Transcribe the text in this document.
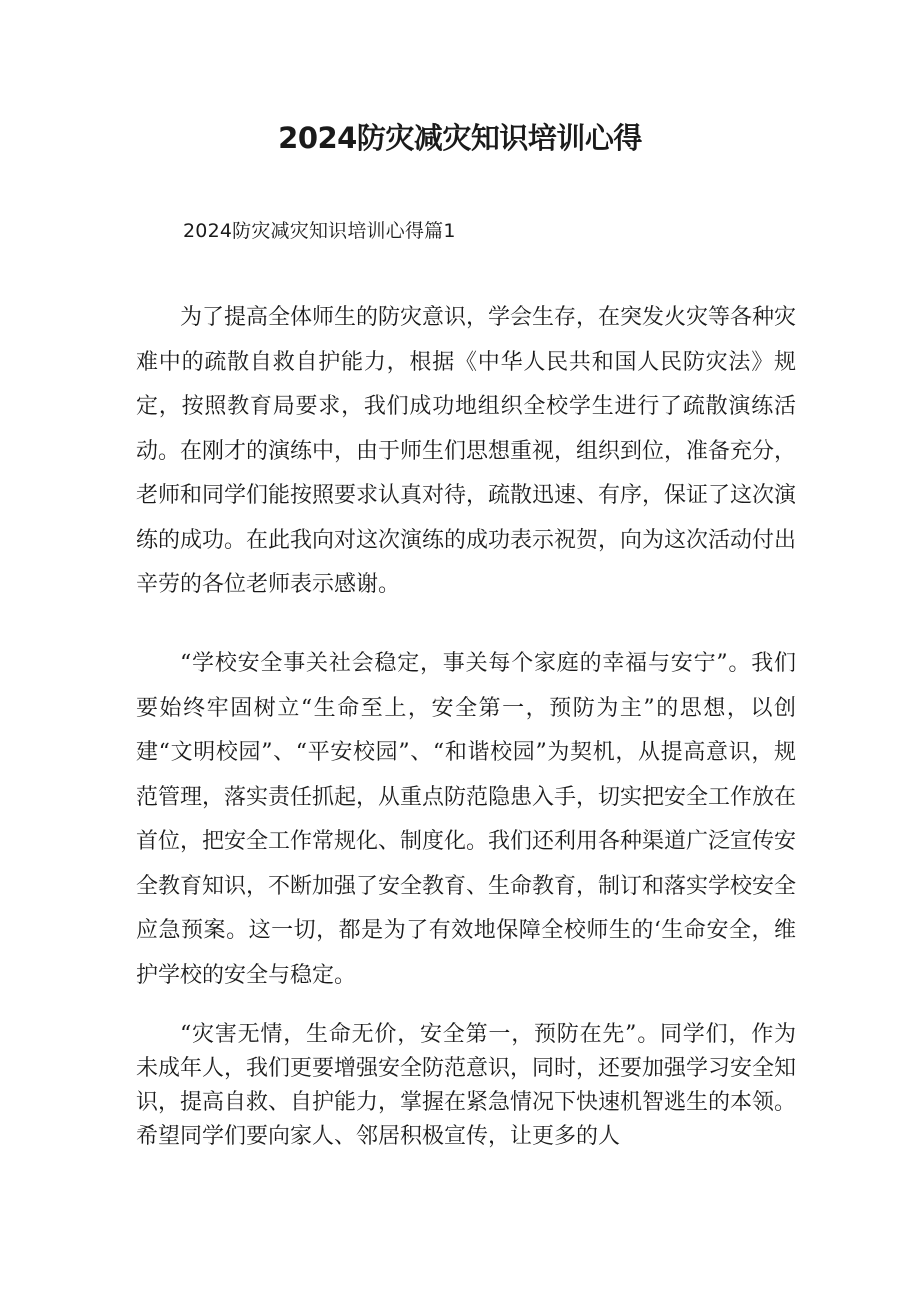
2024防灾减灾知识培训心得

2024防灾减灾知识培训心得篇1

为了提高全体师生的防灾意识，学会生存，在突发火灾等各种灾难中的疏散自救自护能力，根据《中华人民共和国人民防灾法》规定，按照教育局要求，我们成功地组织全校学生进行了疏散演练活动。在刚才的演练中，由于师生们思想重视，组织到位，准备充分，老师和同学们能按照要求认真对待，疏散迅速、有序，保证了这次演练的成功。在此我向对这次演练的成功表示祝贺，向为这次活动付出辛劳的各位老师表示感谢。

“学校安全事关社会稳定，事关每个家庭的幸福与安宁”。我们要始终牢固树立“生命至上，安全第一，预防为主”的思想，以创建“文明校园”、“平安校园”、“和谐校园”为契机，从提高意识，规范管理，落实责任抓起，从重点防范隐患入手，切实把安全工作放在首位，把安全工作常规化、制度化。我们还利用各种渠道广泛宣传安全教育知识，不断加强了安全教育、生命教育，制订和落实学校安全应急预案。这一切，都是为了有效地保障全校师生的‘生命安全，维护学校的安全与稳定。

“灾害无情，生命无价，安全第一，预防在先”。同学们，作为未成年人，我们更要增强安全防范意识，同时，还要加强学习安全知识，提高自救、自护能力，掌握在紧急情况下快速机智逃生的本领。希望同学们要向家人、邻居积极宣传，让更多的人
